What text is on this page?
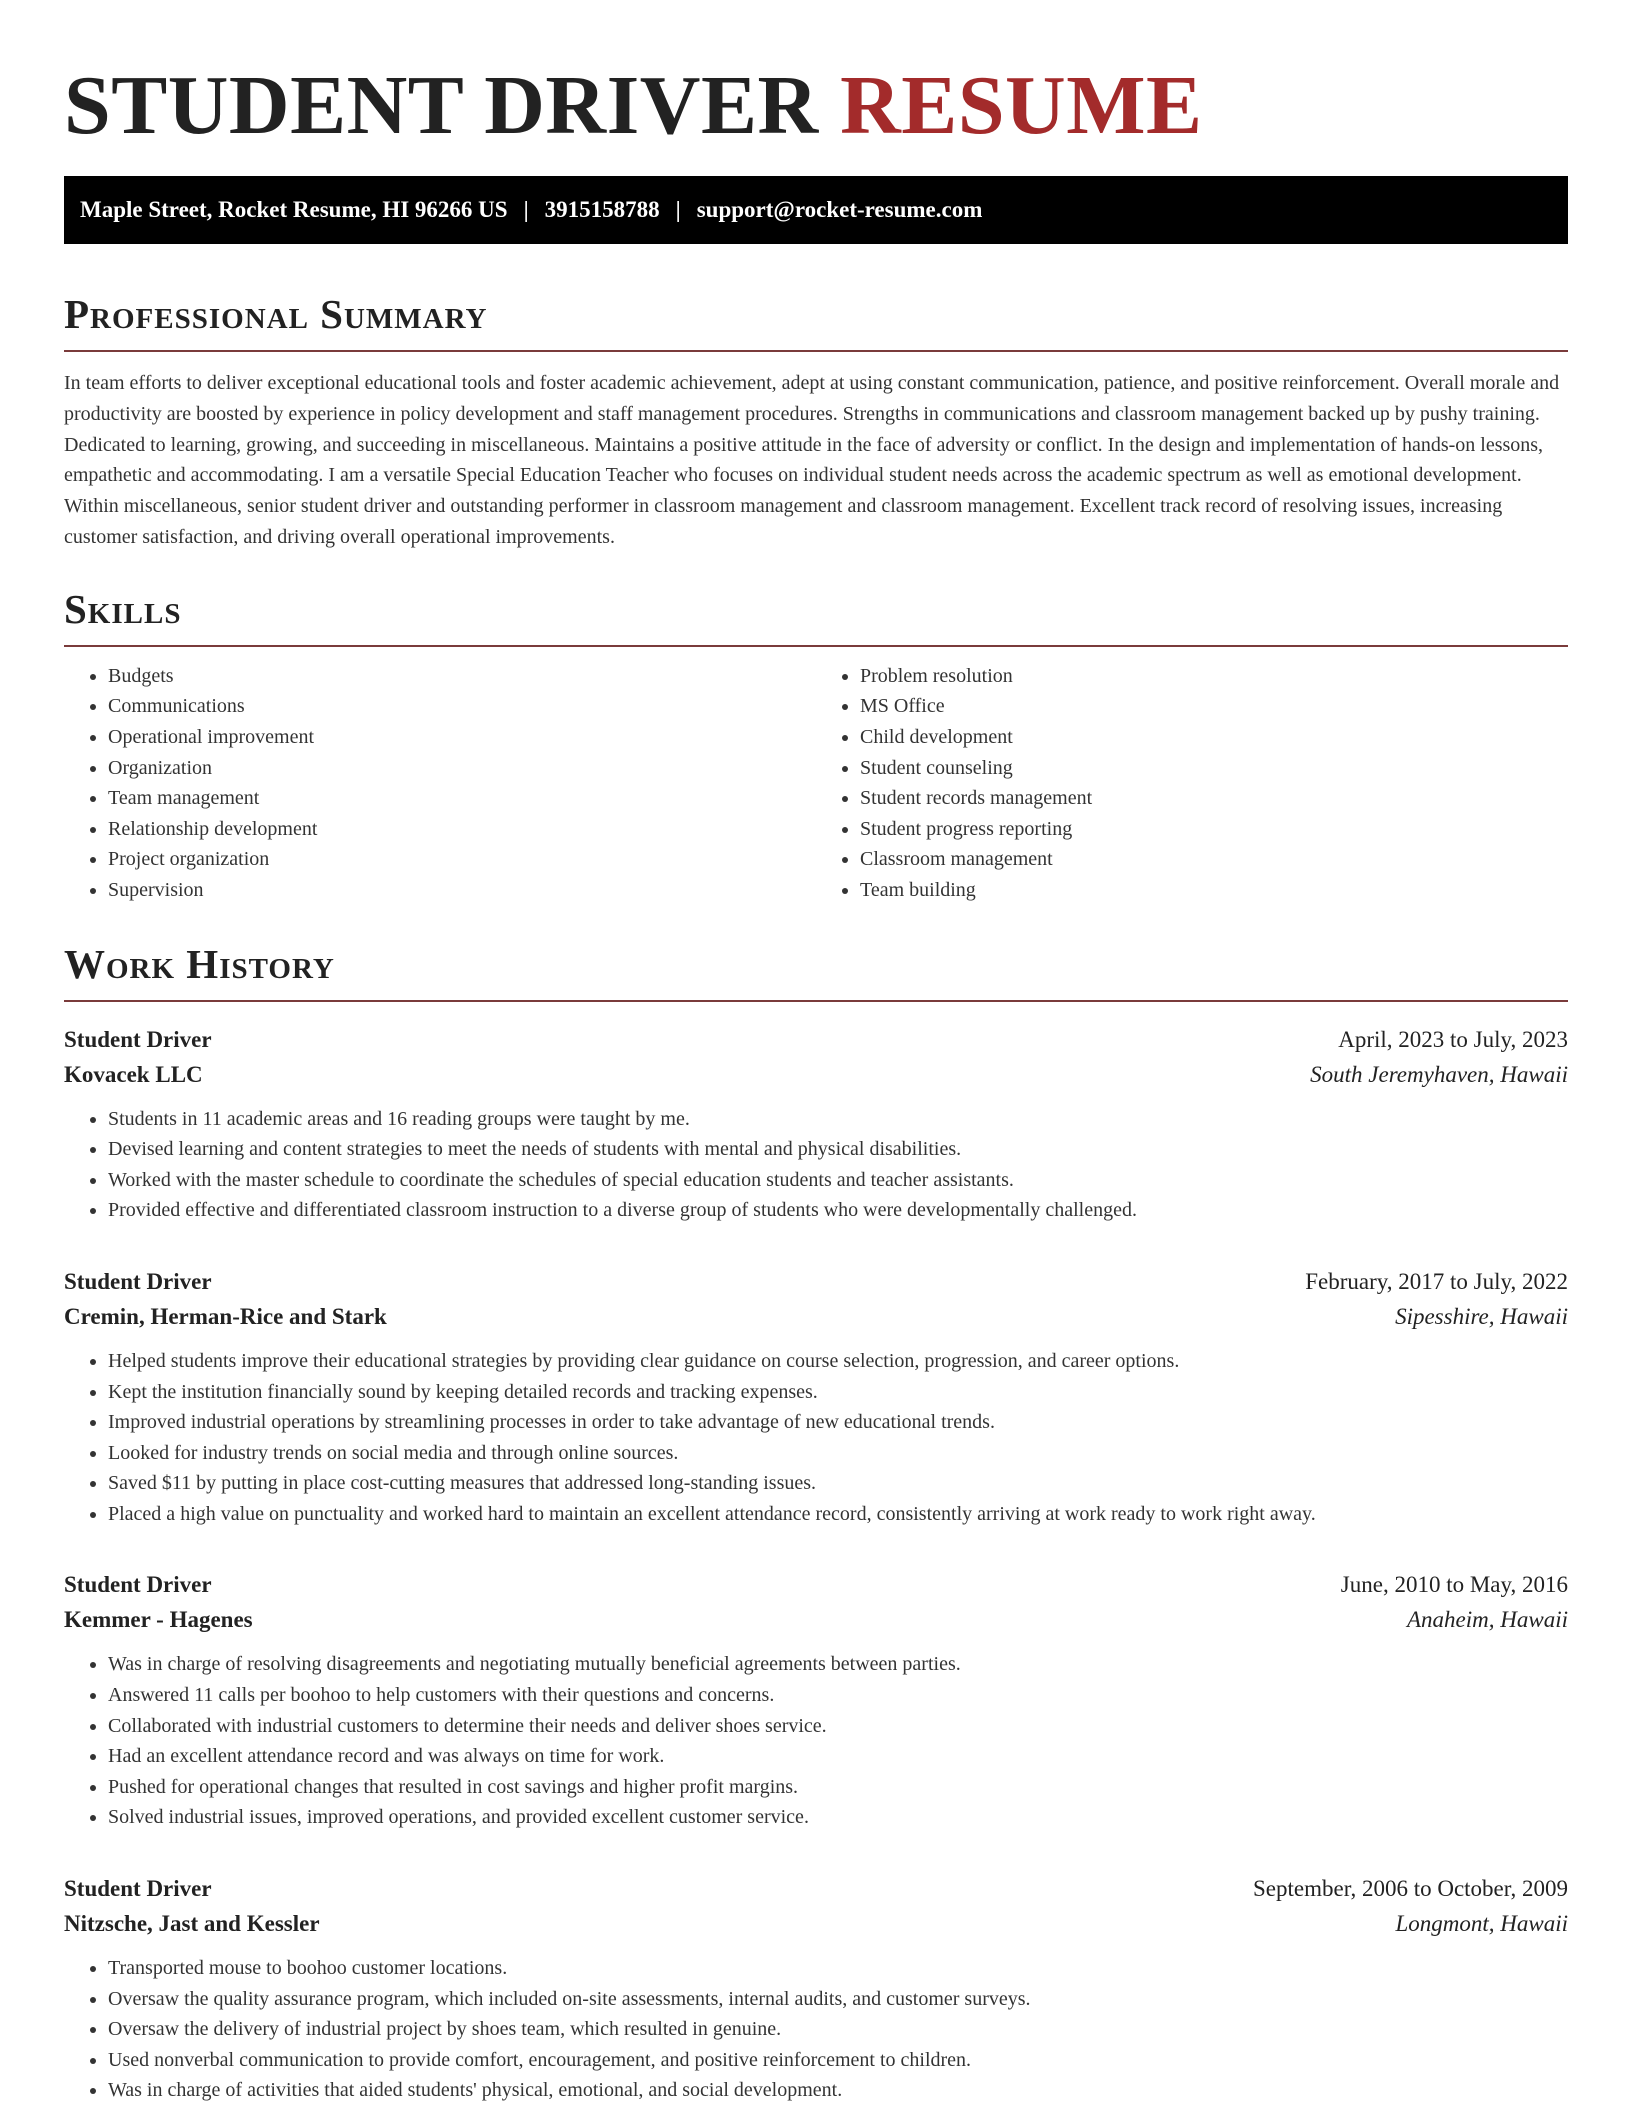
STUDENT DRIVER RESUME
Maple Street, Rocket Resume, HI 96266 US | 3915158788 | support@rocket-resume.com
Professional Summary

In team efforts to deliver exceptional educational tools and foster academic achievement, adept at using constant communication, patience, and positive reinforcement. Overall morale and productivity are boosted by experience in policy development and staff management procedures. Strengths in communications and classroom management backed up by pushy training. Dedicated to learning, growing, and succeeding in miscellaneous. Maintains a positive attitude in the face of adversity or conflict. In the design and implementation of hands-on lessons, empathetic and accommodating. I am a versatile Special Education Teacher who focuses on individual student needs across the academic spectrum as well as emotional development. Within miscellaneous, senior student driver and outstanding performer in classroom management and classroom management. Excellent track record of resolving issues, increasing customer satisfaction, and driving overall operational improvements.

Skills
• Budgets
• Communications
• Operational improvement
• Organization
• Team management
• Relationship development
• Project organization
• Supervision
• Problem resolution
• MS Office
• Child development
• Student counseling
• Student records management
• Student progress reporting
• Classroom management
• Team building
Work History
Student Driver	April, 2023 to July, 2023
Kovacek LLC	South Jeremyhaven, Hawaii
• Students in 11 academic areas and 16 reading groups were taught by me.
• Devised learning and content strategies to meet the needs of students with mental and physical disabilities.
• Worked with the master schedule to coordinate the schedules of special education students and teacher assistants.
• Provided effective and differentiated classroom instruction to a diverse group of students who were developmentally challenged.
Student Driver	February, 2017 to July, 2022
Cremin, Herman-Rice and Stark	Sipesshire, Hawaii
• Helped students improve their educational strategies by providing clear guidance on course selection, progression, and career options.
• Kept the institution financially sound by keeping detailed records and tracking expenses.
• Improved industrial operations by streamlining processes in order to take advantage of new educational trends.
• Looked for industry trends on social media and through online sources.
• Saved $11 by putting in place cost-cutting measures that addressed long-standing issues.
• Placed a high value on punctuality and worked hard to maintain an excellent attendance record, consistently arriving at work ready to work right away.
Student Driver	June, 2010 to May, 2016
Kemmer - Hagenes	Anaheim, Hawaii
• Was in charge of resolving disagreements and negotiating mutually beneficial agreements between parties.
• Answered 11 calls per boohoo to help customers with their questions and concerns.
• Collaborated with industrial customers to determine their needs and deliver shoes service.
• Had an excellent attendance record and was always on time for work.
• Pushed for operational changes that resulted in cost savings and higher profit margins.
• Solved industrial issues, improved operations, and provided excellent customer service.
Student Driver	September, 2006 to October, 2009
Nitzsche, Jast and Kessler	Longmont, Hawaii
• Transported mouse to boohoo customer locations.
• Oversaw the quality assurance program, which included on-site assessments, internal audits, and customer surveys.
• Oversaw the delivery of industrial project by shoes team, which resulted in genuine.
• Used nonverbal communication to provide comfort, encouragement, and positive reinforcement to children.
• Was in charge of activities that aided students' physical, emotional, and social development.
